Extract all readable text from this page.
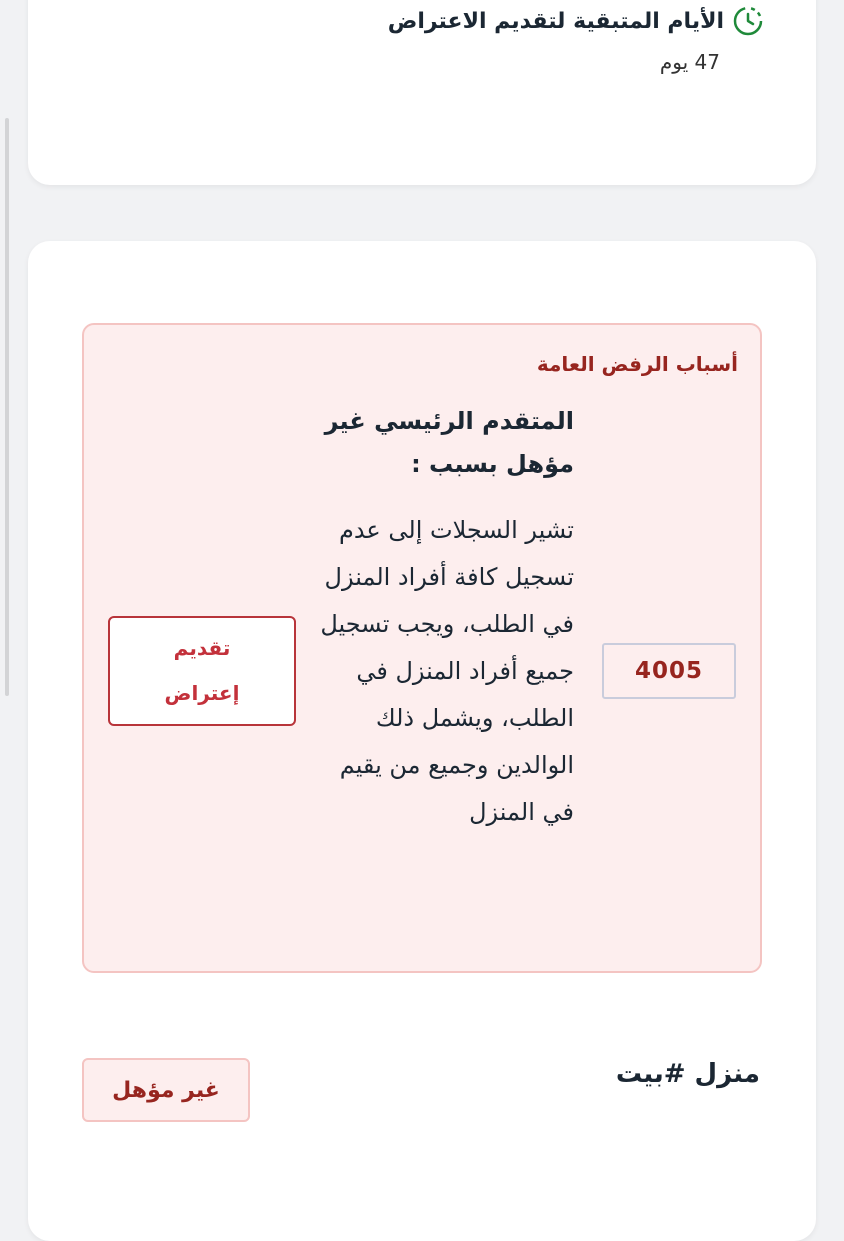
الأيام المتبقية لتقديم الاعتراض
47 يوم
أسباب الرفض العامة
المتقدم الرئيسي غير مؤهل بسبب :
تشير السجلات إلى عدم تسجيل كافة أفراد المنزل في الطلب، ويجب تسجيل جميع أفراد المنزل في الطلب، ويشمل ذلك الوالدين وجميع من يقيم في المنزل
4005
تقديم إعتراض
منزل #بيت
غير مؤهل
